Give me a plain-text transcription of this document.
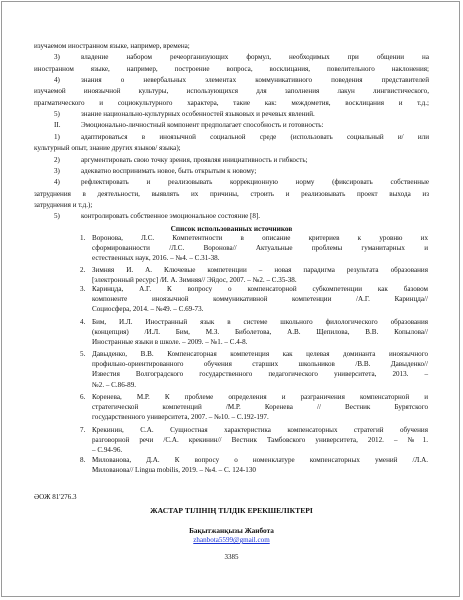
изучаемом иностранном языке, например, времена;
3)	владение набором речеорганизующих формул, необходимых при общении на
иностранном языке, например, построение вопроса, восклицания, повелительного наклонения;
4)	знания о невербальных элементах коммуникативного поведения представителей
изучаемой иноязычной культуры, использующихся для заполнения лакун лингвистического,
прагматического и социокультурного характера, такие как: междометия, восклицания и т.д.;
5)	знание национально-культурных особенностей языковых и речевых явлений.
II.	Эмоционально-личностный компонент предполагает способность и готовность:
1)	адаптироваться в иноязычной социальной среде (использовать социальный и/ или
культурный опыт, знание других языков/ языка);
2)	аргументировать свою точку зрения, проявляя инициативность и гибкость;
3)	адекватно воспринимать новое, быть открытым к новому;
4)	рефлектировать и реализовывать коррекционную норму (фиксировать собственные
затруднения в деятельности, выявлять их причины, строить и реализовывать проект выхода из
затруднения и т.д.);
5)	контролировать собственное эмоциональное состояние [8].
Список использованных источников
1. Воронова, Л.С. Компетентности в описание критериев к уровню их
сформированности /Л.С. Воронова// Актуальные проблемы гуманитарных и
естественных наук, 2016. – №4. – С.31-38.
2. Зимняя И. А. Ключевые компетенции – новая парадигма результата образования
[электронный ресурс] /И. А. Зимняя// Эйдос, 2007. – №2. – С.35-38.
3. Каринцда, А.Г. К вопросу о компенсаторной субкомпетенции как базовом
компоненте иноязычной коммуникативной компетенции /А.Г. Каринцда//
Социосфера, 2014. – №49. – С.69-73.
4. Бим, И.Л. Иностранный язык в системе школьного филологического образования
(концепция) /И.Л. Бим, М.З. Биболетова, А.В. Щепилова, В.В. Копылова//
Иностранные языки в школе. – 2009. – №1. – С.4-8.
5. Давыденко, В.В. Компенсаторная компетенция как целевая доминанта иноязычного
профильно-ориентированного обучения старших школьников /В.В. Давыденко//
Известия Волгоградского государственного педагогического университета, 2013. –
№2. – С.86-89.
6. Коренева, М.Р. К проблеме определения и разграничения компенсаторной и
стратегической компетенций /М.Р. Коренева // Вестник Бурятского
государственного университета, 2007. – №10. – С.192-197.
7. Крекинин, С.А. Сущностная характеристика компенсаторных стратегий обучения
разговорной речи /С.А. крекинин// Вестник Тамбовского университета, 2012. – №1.
– С.94-96.
8. Милованова, Д.А. К вопросу о номенклатуре компенсаторных умений /Л.А.
Милованова// Lingua mobilis, 2019. – №4. – С. 124-130
ӘОЖ 81'276.3
ЖАСТАР ТІЛІНІҢ ТІЛДІК ЕРЕКШЕЛІКТЕРІ
Бақытжанқызы Жанбота
zhanbota5599@gmail.com
3385
